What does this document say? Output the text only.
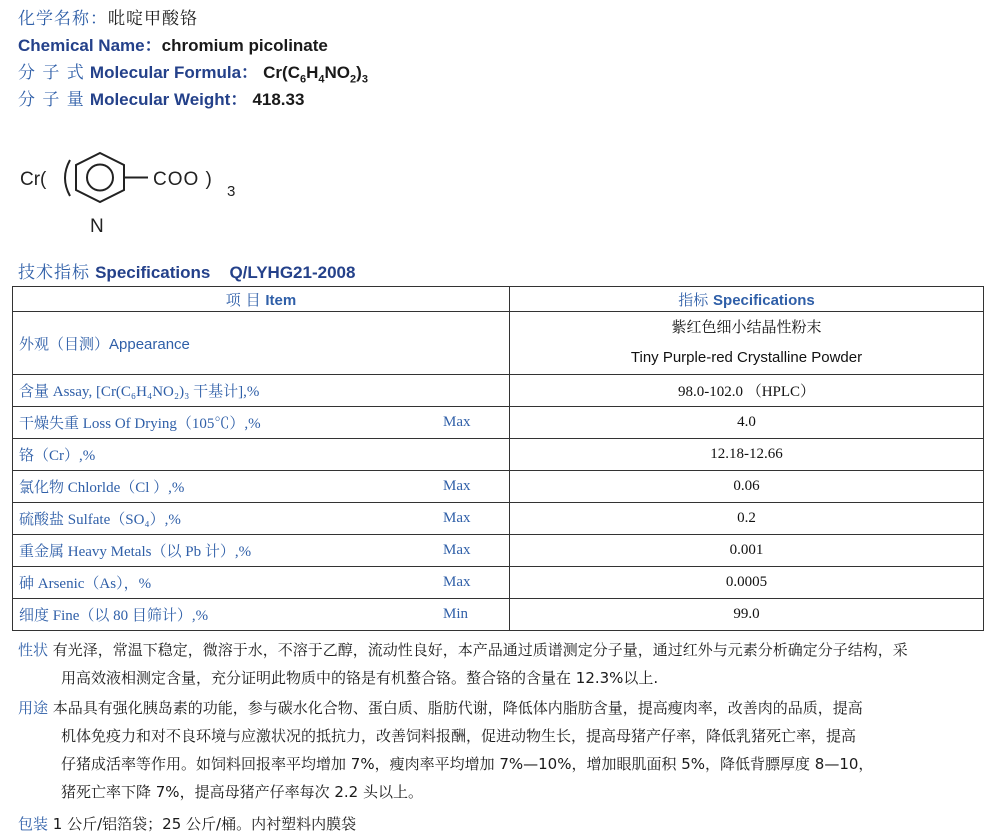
化学名称：吡啶甲酸铬
Chemical Name：chromium picolinate
分 子 式 Molecular Formula： $Cr(C_6H_4NO_2)_3$
分 子 量 Molecular Weight： 418.33
Cr(	COO )
3
N
技术指标 Specifications Q/LYHG21-2008
项 目 Item		指标 Specifications
外观（目测）Appearance		紫红色细小结晶性粉末
Tiny Purple-red Crystalline Powder

含量 Assay, [Cr(C₆H₄NO₂)₃ 干基计],%		98.0-102.0 （HPLC）
干燥失重 Loss Of Drying（105℃）,%	Max	4.0
铬（Cr）,%		12.18-12.66
氯化物 Chlorlde（Cl ）,%	Max	0.06
硫酸盐 Sulfate（SO₄）,%	Max	0.2
重金属 Heavy Metals（以 Pb 计）,%	Max	0.001
砷 Arsenic（As），%	Max	0.0005
细度 Fine（以 80 目筛计）,%	Min	99.0
性状 有光泽，常温下稳定，微溶于水，不溶于乙醇，流动性良好，本产品通过质谱测定分子量，通过红外与元素分析确定分子结构，采
用高效液相测定含量，充分证明此物质中的铬是有机螯合铬。螯合铬的含量在 12.3%以上.
用途 本品具有强化胰岛素的功能，参与碳水化合物、蛋白质、脂肪代谢，降低体内脂肪含量，提高瘦肉率，改善肉的品质，提高
机体免疫力和对不良环境与应激状况的抵抗力，改善饲料报酬，促进动物生长，提高母猪产仔率，降低乳猪死亡率，提高
仔猪成活率等作用。如饲料回报率平均增加 7%，瘦肉率平均增加 7%—10%，增加眼肌面积 5%，降低背膘厚度 8—10，
猪死亡率下降 7%，提高母猪产仔率每次 2.2 头以上。
包装 1 公斤/铝箔袋；25 公斤/桶。内衬塑料内膜袋
